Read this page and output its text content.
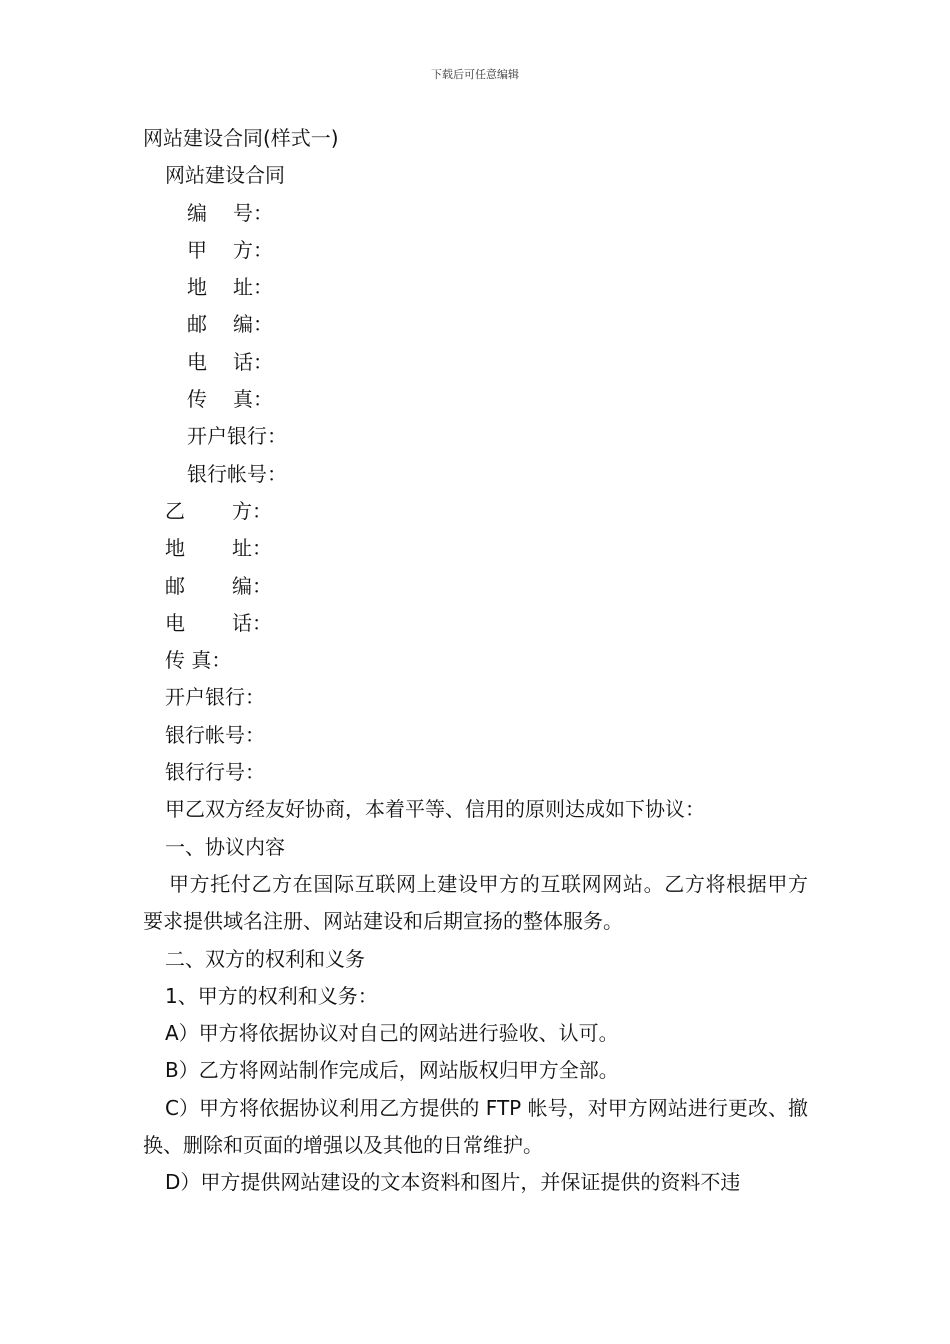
下载后可任意编辑
网站建设合同(样式一)
网站建设合同
编 号：
甲 方：
地 址：
邮 编：
电 话：
传 真：
开户银行：
银行帐号：
乙 方：
地 址：
邮 编：
电 话：
传 真：
开户银行：
银行帐号：
银行行号：
甲乙双方经友好协商，本着平等、信用的原则达成如下协议：
一、协议内容
甲方托付乙方在国际互联网上建设甲方的互联网网站。乙方将根据甲方要求提供域名注册、网站建设和后期宣扬的整体服务。
二、双方的权利和义务
1、甲方的权利和义务：
A）甲方将依据协议对自己的网站进行验收、认可。
B）乙方将网站制作完成后，网站版权归甲方全部。
C）甲方将依据协议利用乙方提供的 FTP 帐号，对甲方网站进行更改、撤换、删除和页面的增强以及其他的日常维护。
D）甲方提供网站建设的文本资料和图片，并保证提供的资料不违
